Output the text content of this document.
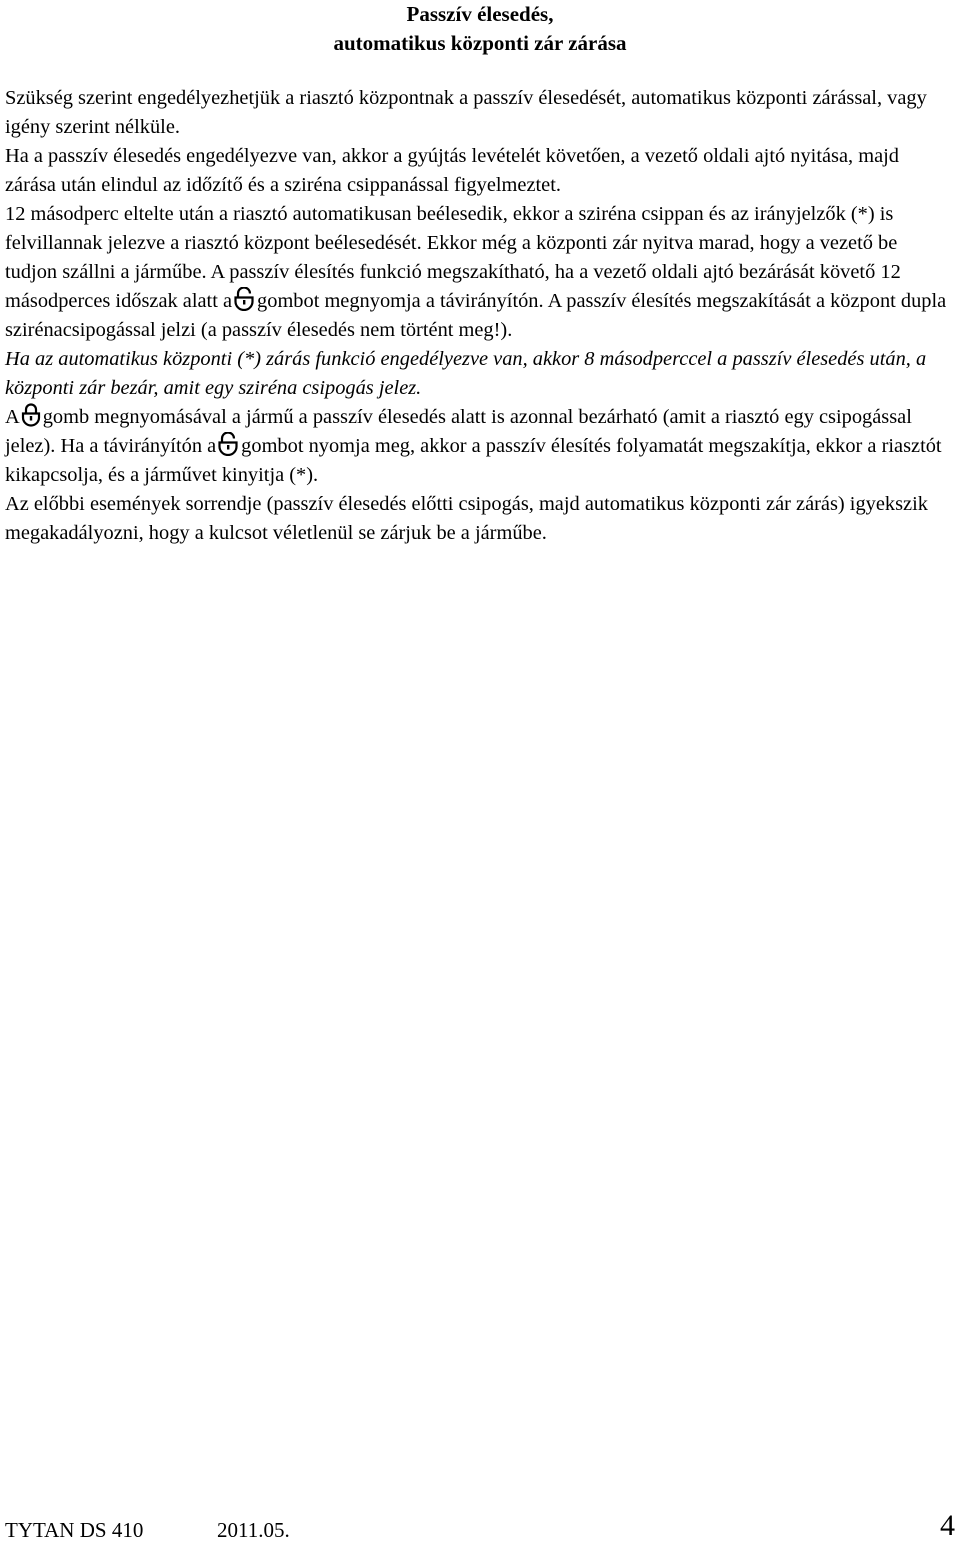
Passzív élesedés,
automatikus központi zár zárása

Szükség szerint engedélyezhetjük a riasztó központnak a passzív élesedését, automatikus központi zárással, vagy igény szerint nélküle.

Ha a passzív élesedés engedélyezve van, akkor a gyújtás levételét követően, a vezető oldali ajtó nyitása, majd zárása után elindul az időzítő és a sziréna csippanással figyelmeztet.

12 másodperc eltelte után a riasztó automatikusan beélesedik, ekkor a sziréna csippan és az irányjelzők (*) is felvillannak jelezve a riasztó központ beélesedését. Ekkor még a központi zár nyitva marad, hogy a vezető be tudjon szállni a járműbe. A passzív élesítés funkció megszakítható, ha a vezető oldali ajtó bezárását követő 12 másodperces időszak alatt a gombot megnyomja a távirányítón. A passzív élesítés megszakítását a központ dupla szirénacsipogással jelzi (a passzív élesedés nem történt meg!).

Ha az automatikus központi (*) zárás funkció engedélyezve van, akkor 8 másodperccel a passzív élesedés után, a központi zár bezár, amit egy sziréna csipogás jelez.

A gomb megnyomásával a jármű a passzív élesedés alatt is azonnal bezárható (amit a riasztó egy csipogással jelez). Ha a távirányítón a gombot nyomja meg, akkor a passzív élesítés folyamatát megszakítja, ekkor a riasztót kikapcsolja, és a járművet kinyitja (*).

Az előbbi események sorrendje (passzív élesedés előtti csipogás, majd automatikus központi zár zárás) igyekszik megakadályozni, hogy a kulcsot véletlenül se zárjuk be a járműbe.

TYTAN DS 410	2011.05.	4
